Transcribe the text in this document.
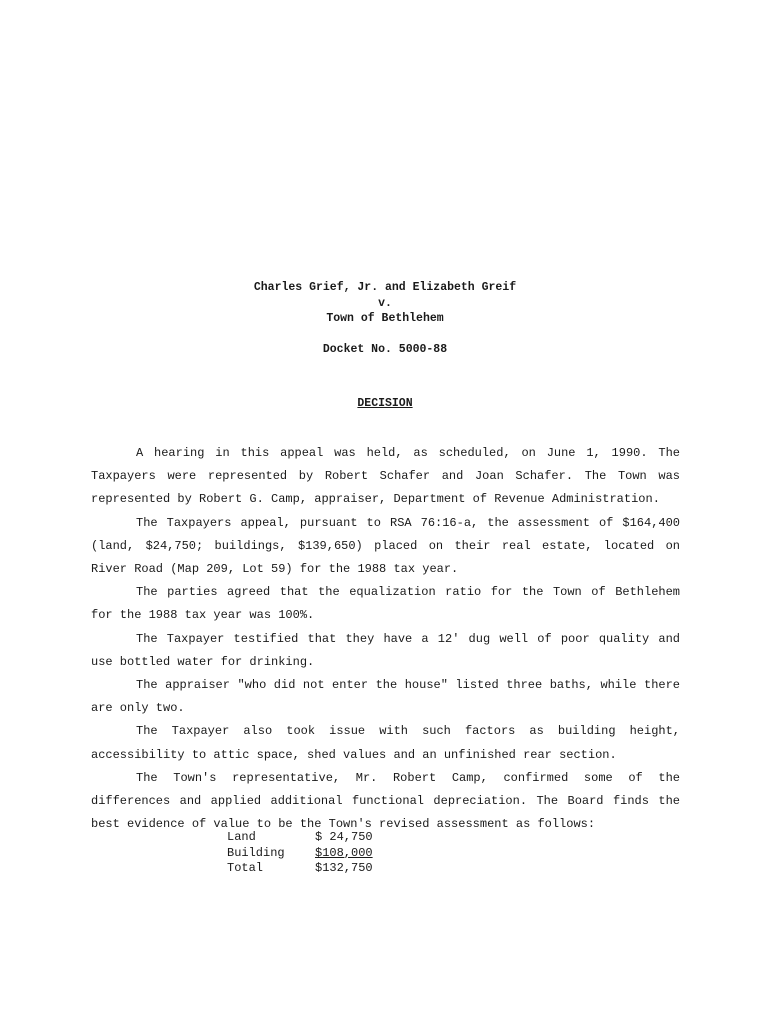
Charles Grief, Jr. and Elizabeth Greif
v.
Town of Bethlehem
Docket No. 5000-88
DECISION

A hearing in this appeal was held, as scheduled, on June 1, 1990. The Taxpayers were represented by Robert Schafer and Joan Schafer. The Town was represented by Robert G. Camp, appraiser, Department of Revenue Administration.

The Taxpayers appeal, pursuant to RSA 76:16-a, the assessment of $164,400 (land, $24,750; buildings, $139,650) placed on their real estate, located on River Road (Map 209, Lot 59) for the 1988 tax year.

The parties agreed that the equalization ratio for the Town of Bethlehem for the 1988 tax year was 100%.

The Taxpayer testified that they have a 12' dug well of poor quality and use bottled water for drinking.

The appraiser "who did not enter the house" listed three baths, while there are only two.

The Taxpayer also took issue with such factors as building height, accessibility to attic space, shed values and an unfinished rear section.

The Town's representative, Mr. Robert Camp, confirmed some of the differences and applied additional functional depreciation. The Board finds the best evidence of value to be the Town's revised assessment as follows:

Land	$ 24,750
Building	$108,000
Total	$132,750
